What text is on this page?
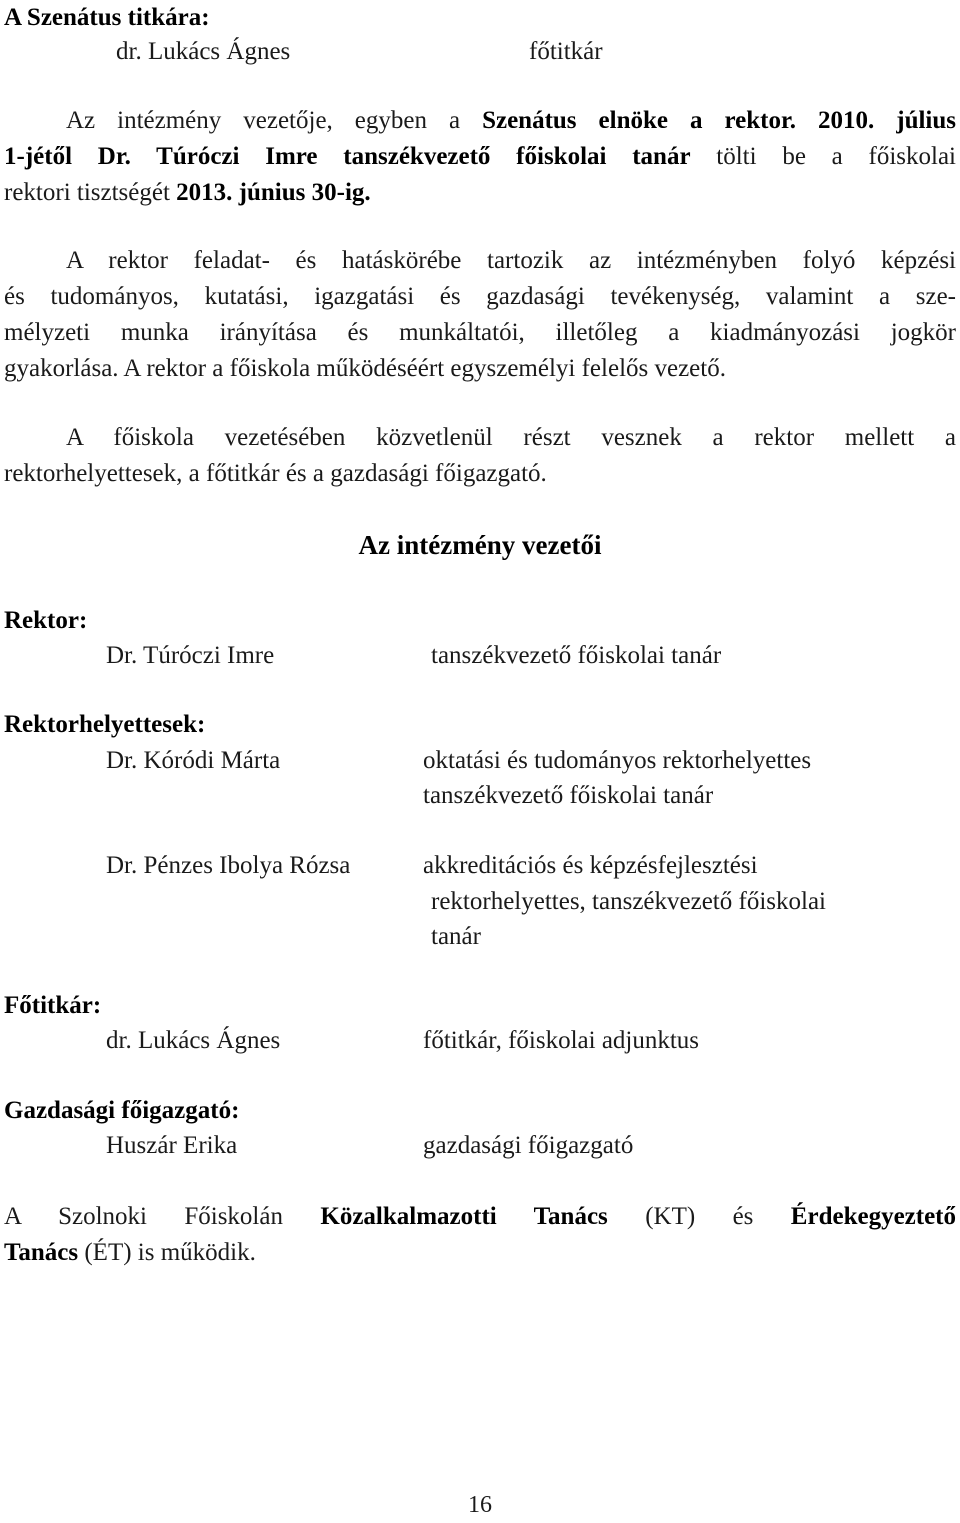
A Szenátus titkára:
dr. Lukács Ágnes	főtitkár
Az intézmény vezetője, egyben a Szenátus elnöke a rektor. 2010. július
1-jétől Dr. Túróczi Imre tanszékvezető főiskolai tanár tölti be a főiskolai
rektori tisztségét 2013. június 30-ig.
A rektor feladat- és hatáskörébe tartozik az intézményben folyó képzési
és tudományos, kutatási, igazgatási és gazdasági tevékenység, valamint a sze-
mélyzeti munka irányítása és munkáltatói, illetőleg a kiadmányozási jogkör
gyakorlása. A rektor a főiskola működéséért egyszemélyi felelős vezető.
A főiskola vezetésében közvetlenül részt vesznek a rektor mellett a
rektorhelyettesek, a főtitkár és a gazdasági főigazgató.
Az intézmény vezetői
Rektor:
Dr. Túróczi Imre	tanszékvezető főiskolai tanár
Rektorhelyettesek:
Dr. Kóródi Márta	oktatási és tudományos rektorhelyettes
tanszékvezető főiskolai tanár
Dr. Pénzes Ibolya Rózsa	akkreditációs és képzésfejlesztési
rektorhelyettes, tanszékvezető főiskolai
tanár
Főtitkár:
dr. Lukács Ágnes	főtitkár, főiskolai adjunktus
Gazdasági főigazgató:
Huszár Erika	gazdasági főigazgató
A Szolnoki Főiskolán Közalkalmazotti Tanács (KT) és Érdekegyeztető
Tanács (ÉT) is működik.
16
